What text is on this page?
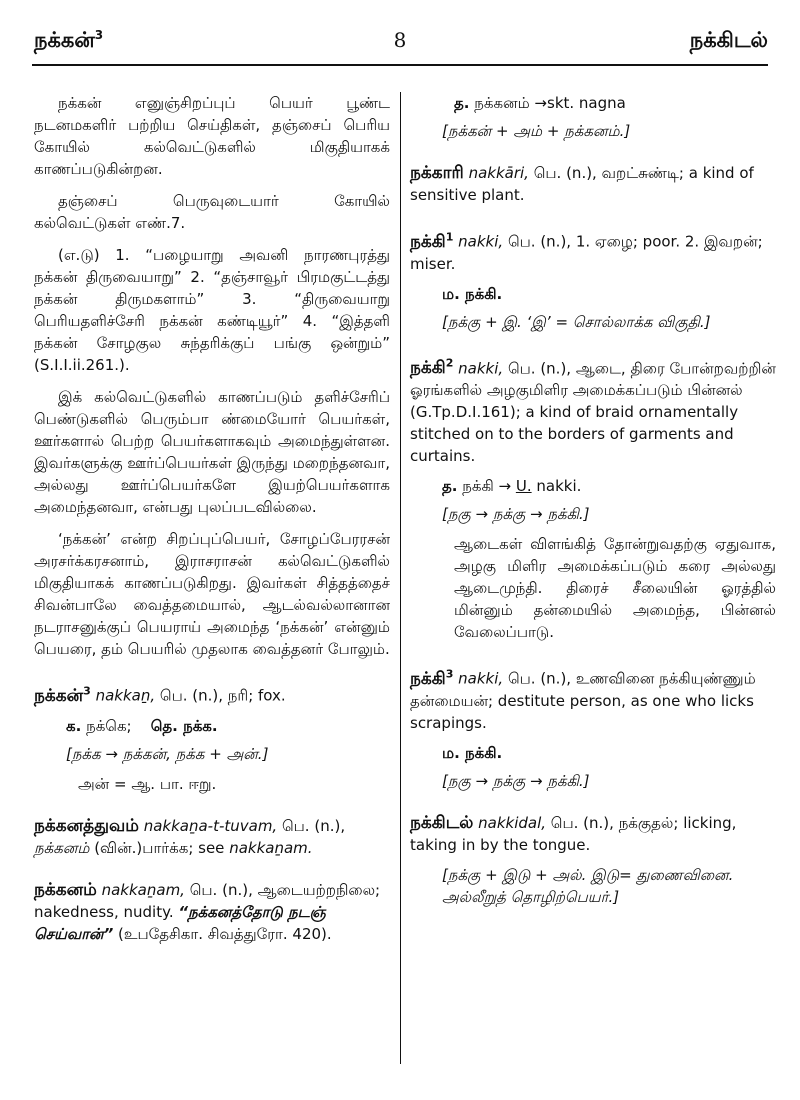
நக்கன்$^3$	8	நக்கிடல்

நக்கன் எனுஞ்சிறப்புப் பெயர் பூண்ட நடனமகளிர் பற்றிய செய்திகள், தஞ்சைப் பெரிய கோயில் கல்வெட்டுகளில் மிகுதியாகக் காணப்படுகின்றன.

தஞ்சைப் பெருவுடையார் கோயில் கல்வெட்டுகள் எண்.7.

(எ.டு) 1. “பழையாறு அவனி நாரணபுரத்து நக்கன் திருவையாறு” 2. “தஞ்சாவூர் பிரமகுட்டத்து நக்கன் திருமகளாம்” 3. “திருவையாறு பெரியதளிச்சேரி நக்கன் கண்டியூர்” 4. “இத்தளி நக்கன் சோழகுல சுந்தரிக்குப் பங்கு ஒன்றும்” (S.I.I.ii.261.).

இக் கல்வெட்டுகளில் காணப்படும் தளிச்சேரிப் பெண்டுகளில் பெரும்பா ண்மையோர் பெயர்கள், ஊர்களால் பெற்ற பெயர்களாகவும் அமைந்துள்ளன. இவர்களுக்கு ஊர்ப்பெயர்கள் இருந்து மறைந்தனவா, அல்லது ஊர்ப்பெயர்களே இயற்பெயர்களாக அமைந்தனவா, என்பது புலப்படவில்லை.

‘நக்கன்’ என்ற சிறப்புப்பெயர், சோழப்பேரரசன் அரசர்க்கரசனாம், இராசராசன் கல்வெட்டுகளில் மிகுதியாகக் காணப்படுகிறது. இவர்கள் சித்தத்தைச் சிவன்பாலே வைத்தமையால், ஆடல்வல்லானான நடராசனுக்குப் பெயராய் அமைந்த ‘நக்கன்’ என்னும் பெயரை, தம் பெயரில் முதலாக வைத்தனர் போலும்.

நக்கன்$^3$ nakkaṉ, பெ. (n.), நரி; fox.
க. நக்கெ; தெ. நக்க.
[நக்க → நக்கன், நக்க + அன்.]
அன் = ஆ. பா. ஈறு.
நக்கனத்துவம் nakkaṉa-t-tuvam, பெ. (n.), நக்கனம் (வின்.)பார்க்க; see nakkaṉam.
நக்கனம் nakkaṉam, பெ. (n.), ஆடையற்றநிலை; nakedness, nudity. “நக்கனத்தோடு நடஞ் செய்வான்” (உபதேசிகா. சிவத்துரோ. 420).
த. நக்கனம் →skt. nagna
[நக்கன் + அம் + நக்கனம்.]
நக்காரி nakkāri, பெ. (n.), வறட்சுண்டி; a kind of sensitive plant.
நக்கி$^1$ nakki, பெ. (n.), 1. ஏழை; poor. 2. இவறன்; miser.
ம. நக்கி.
[நக்கு + இ. ‘இ’ = சொல்லாக்க விகுதி.]
நக்கி$^2$ nakki, பெ. (n.), ஆடை, திரை போன்றவற்றின் ஓரங்களில் அழகுமிளிர அமைக்கப்படும் பின்னல் (G.Tp.D.I.161); a kind of braid ornamentally stitched on to the borders of garments and curtains.
த. நக்கி → U. nakki.
[நகு → நக்கு → நக்கி.]
ஆடைகள் விளங்கித் தோன்றுவதற்கு ஏதுவாக, அழகு மிளிர அமைக்கப்படும் கரை அல்லது ஆடைமுந்தி. திரைச் சீலையின் ஓரத்தில் மின்னும் தன்மையில் அமைந்த, பின்னல் வேலைப்பாடு.
நக்கி$^3$ nakki, பெ. (n.), உணவினை நக்கியுண்ணும் தன்மையன்; destitute person, as one who licks scrapings.
ம. நக்கி.
[நகு → நக்கு → நக்கி.]
நக்கிடல் nakkidal, பெ. (n.), நக்குதல்; licking, taking in by the tongue.
[நக்கு + இடு + அல். இடு= துணைவினை. அல்லீறுத் தொழிற்பெயர்.]
